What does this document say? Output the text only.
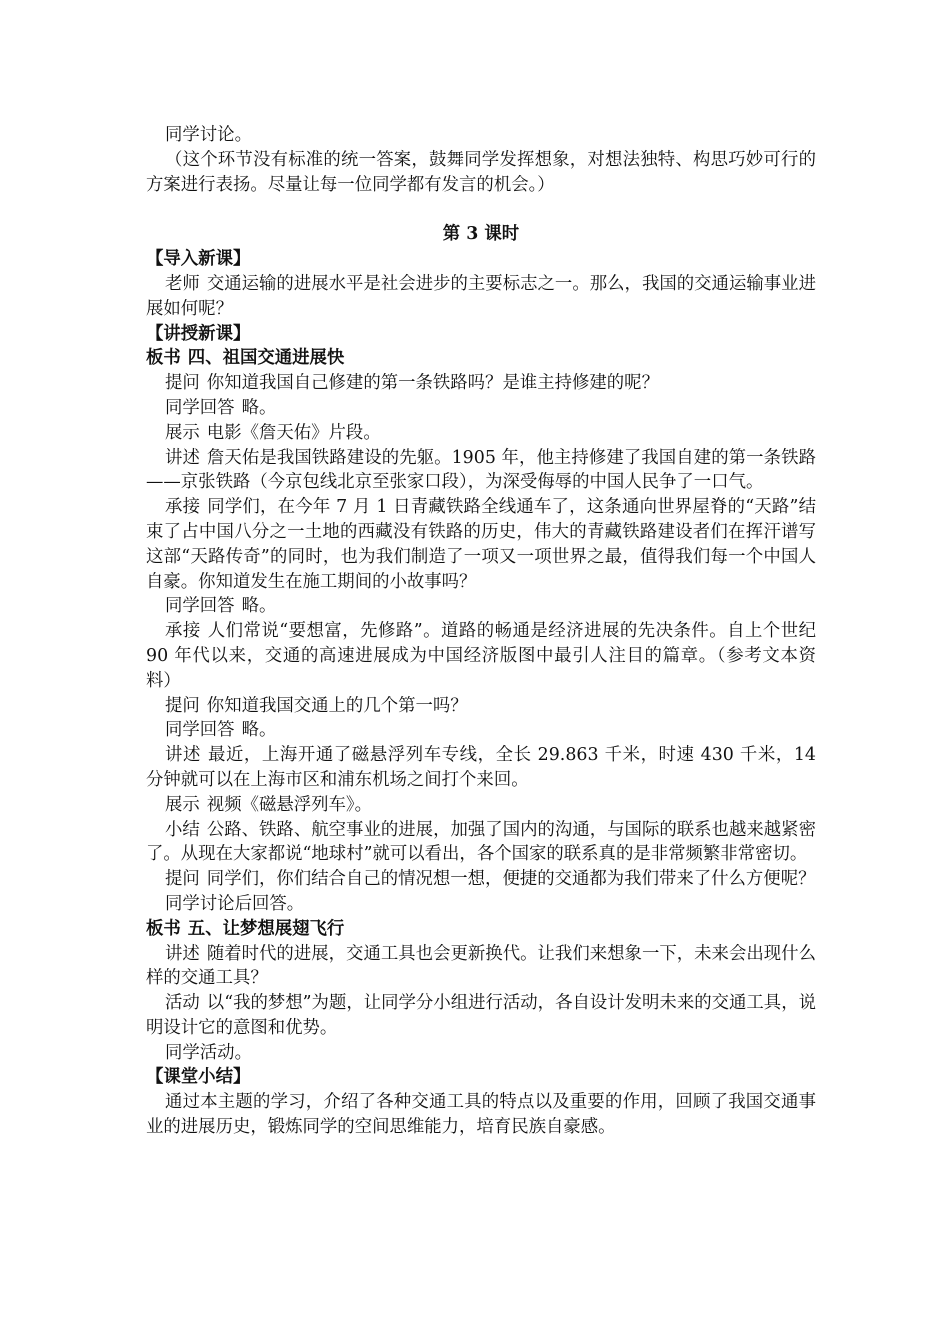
同学讨论。

（这个环节没有标准的统一答案，鼓舞同学发挥想象，对想法独特、构思巧妙可行的方案进行表扬。尽量让每一位同学都有发言的机会。）

第 3 课时

【导入新课】

老师 交通运输的进展水平是社会进步的主要标志之一。那么，我国的交通运输事业进展如何呢？

【讲授新课】

板书 四、祖国交通进展快

提问 你知道我国自己修建的第一条铁路吗？是谁主持修建的呢？

同学回答 略。

展示 电影《詹天佑》片段。

讲述 詹天佑是我国铁路建设的先躯。1905 年，他主持修建了我国自建的第一条铁路——京张铁路（今京包线北京至张家口段），为深受侮辱的中国人民争了一口气。

承接 同学们，在今年 7 月 1 日青藏铁路全线通车了，这条通向世界屋脊的“天路”结束了占中国八分之一土地的西藏没有铁路的历史，伟大的青藏铁路建设者们在挥汗谱写这部“天路传奇”的同时，也为我们制造了一项又一项世界之最，值得我们每一个中国人自豪。你知道发生在施工期间的小故事吗？

同学回答 略。

承接 人们常说“要想富，先修路”。道路的畅通是经济进展的先决条件。自上个世纪 90 年代以来，交通的高速进展成为中国经济版图中最引人注目的篇章。（参考文本资料）

提问 你知道我国交通上的几个第一吗？

同学回答 略。

讲述 最近，上海开通了磁悬浮列车专线，全长 29.863 千米，时速 430 千米，14 分钟就可以在上海市区和浦东机场之间打个来回。

展示 视频《磁悬浮列车》。

小结 公路、铁路、航空事业的进展，加强了国内的沟通，与国际的联系也越来越紧密了。从现在大家都说“地球村”就可以看出，各个国家的联系真的是非常频繁非常密切。

提问 同学们，你们结合自己的情况想一想，便捷的交通都为我们带来了什么方便呢？

同学讨论后回答。

板书 五、让梦想展翅飞行

讲述 随着时代的进展，交通工具也会更新换代。让我们来想象一下，未来会出现什么样的交通工具？

活动 以“我的梦想”为题，让同学分小组进行活动，各自设计发明未来的交通工具，说明设计它的意图和优势。

同学活动。

【课堂小结】

通过本主题的学习，介绍了各种交通工具的特点以及重要的作用，回顾了我国交通事业的进展历史，锻炼同学的空间思维能力，培育民族自豪感。
